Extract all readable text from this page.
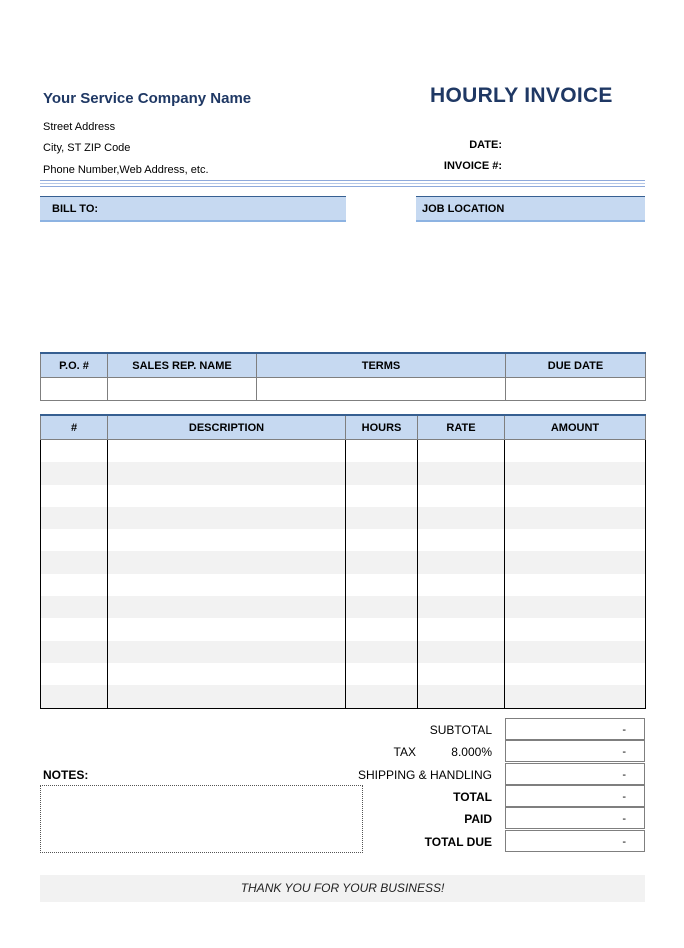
Your Service Company Name	HOURLY INVOICE
Street Address
City, ST ZIP Code
Phone Number,Web Address, etc.
DATE:
INVOICE #:
BILL TO:	JOB LOCATION
P.O. #	SALES REP. NAME	TERMS	DUE DATE

#	DESCRIPTION	HOURS	RATE	AMOUNT

SUBTOTAL	-
TAX	8.000%	-
SHIPPING & HANDLING	-
TOTAL	-
PAID	-
TOTAL DUE	-
NOTES:
THANK YOU FOR YOUR BUSINESS!
